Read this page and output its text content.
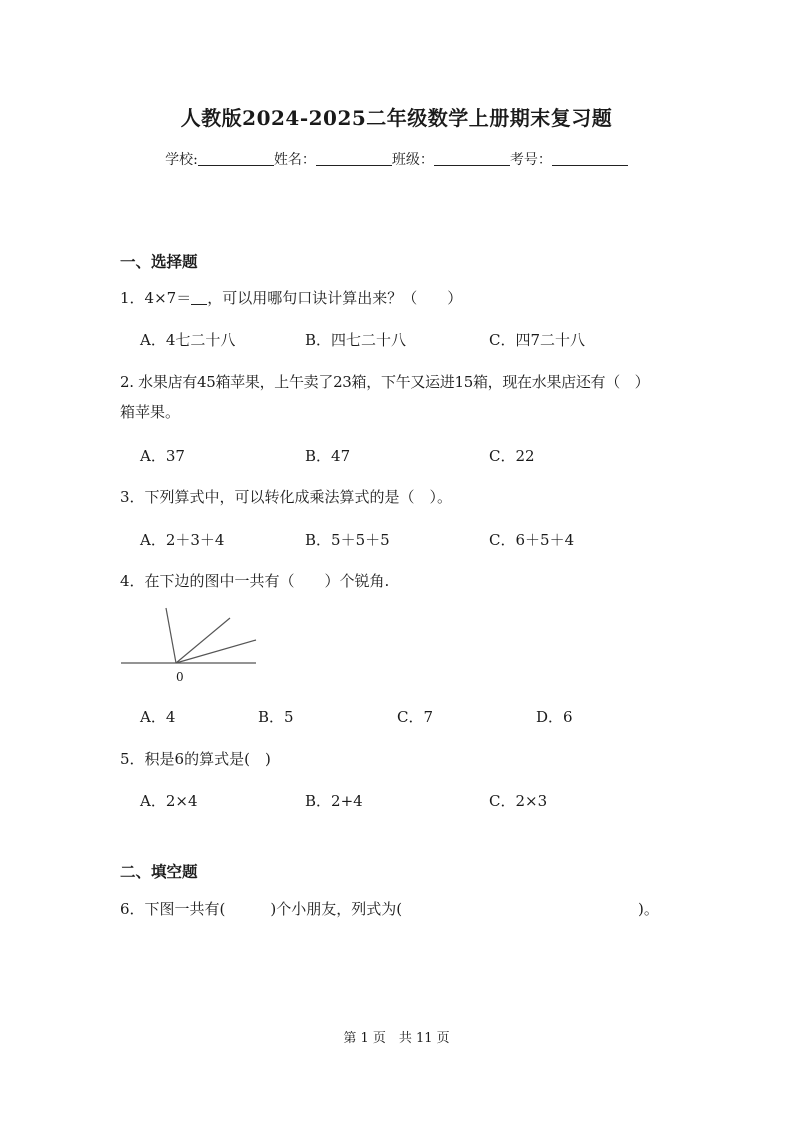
人教版2024-2025二年级数学上册期末复习题
学校:	姓名：	班级：	考号：
一、选择题
1．4×7＝ ，可以用哪句口诀计算出来？（　　）
A．4七二十八	B．四七二十八	C．四7二十八
2. 水果店有45箱苹果，上午卖了23箱，下午又运进15箱，现在水果店还有（　）
箱苹果。
A．37	B．47	C．22
3．下列算式中，可以转化成乘法算式的是（　）。
A．2＋3＋4	B．5＋5＋5	C．6＋5＋4
4．在下边的图中一共有（　　）个锐角.
0
A．4	B．5	C．7	D．6
5．积是6的算式是(　)
A．2×4	B．2+4	C．2×3
二、填空题
6．下图一共有(　　　)个小朋友，列式为(	)。
第 1 页　共 11 页
